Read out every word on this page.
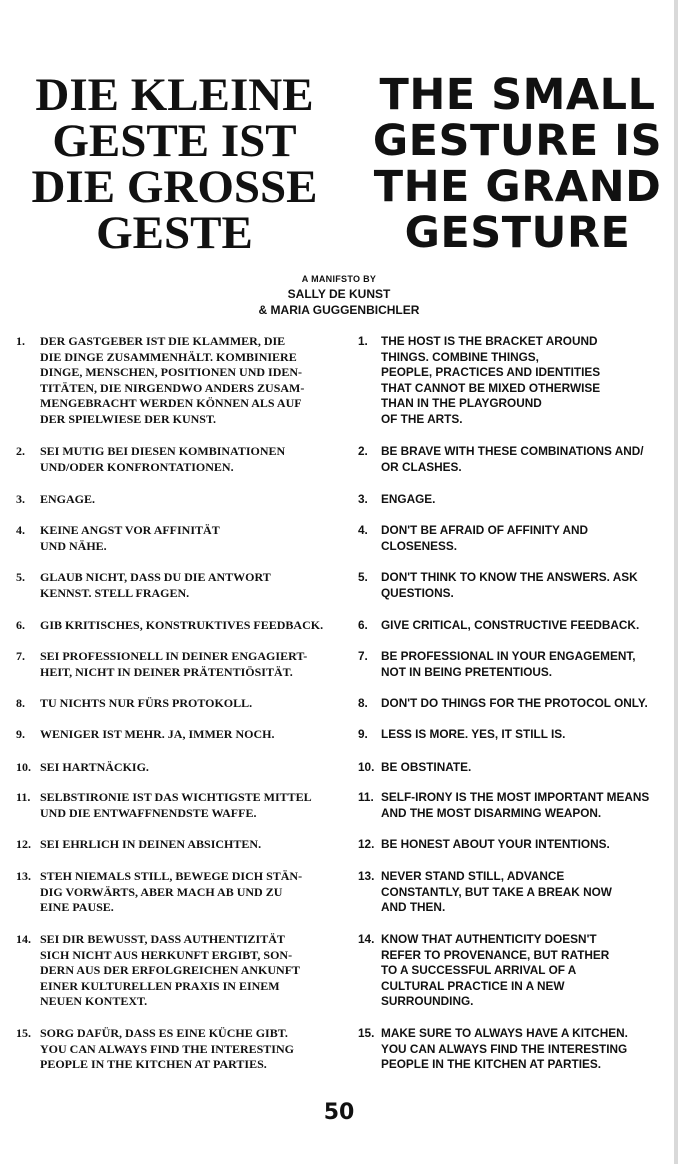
DIE KLEINE
GESTE IST
DIE GROSSE
GESTE
THE SMALL
GESTURE IS
THE GRAND
GESTURE
A MANIFSTO BY
SALLY DE KUNST
& MARIA GUGGENBICHLER
1. DER GASTGEBER IST DIE KLAMMER, DIE
DIE DINGE ZUSAMMENHÄLT. KOMBINIERE
DINGE, MENSCHEN, POSITIONEN UND IDEN-
TITÄTEN, DIE NIRGENDWO ANDERS ZUSAM-
MENGEBRACHT WERDEN KÖNNEN ALS AUF
DER SPIELWIESE DER KUNST.
2. SEI MUTIG BEI DIESEN KOMBINATIONEN
UND/ODER KONFRONTATIONEN.
3. ENGAGE.
4. KEINE ANGST VOR AFFINITÄT
UND NÄHE.
5. GLAUB NICHT, DASS DU DIE ANTWORT
KENNST. STELL FRAGEN.
6. GIB KRITISCHES, KONSTRUKTIVES FEEDBACK.
7. SEI PROFESSIONELL IN DEINER ENGAGIERT-
HEIT, NICHT IN DEINER PRÄTENTIÖSITÄT.
8. TU NICHTS NUR FÜRS PROTOKOLL.
9. WENIGER IST MEHR. JA, IMMER NOCH.
10. SEI HARTNÄCKIG.
11. SELBSTIRONIE IST DAS WICHTIGSTE MITTEL
UND DIE ENTWAFFNENDSTE WAFFE.
12. SEI EHRLICH IN DEINEN ABSICHTEN.
13. STEH NIEMALS STILL, BEWEGE DICH STÄN-
DIG VORWÄRTS, ABER MACH AB UND ZU
EINE PAUSE.
14. SEI DIR BEWUSST, DASS AUTHENTIZITÄT
SICH NICHT AUS HERKUNFT ERGIBT, SON-
DERN AUS DER ERFOLGREICHEN ANKUNFT
EINER KULTURELLEN PRAXIS IN EINEM
NEUEN KONTEXT.
15. SORG DAFÜR, DASS ES EINE KÜCHE GIBT.
YOU CAN ALWAYS FIND THE INTERESTING
PEOPLE IN THE KITCHEN AT PARTIES.
1. THE HOST IS THE BRACKET AROUND
THINGS. COMBINE THINGS,
PEOPLE, PRACTICES AND IDENTITIES
THAT CANNOT BE MIXED OTHERWISE
THAN IN THE PLAYGROUND
OF THE ARTS.
2. BE BRAVE WITH THESE COMBINATIONS AND/
OR CLASHES.
3. ENGAGE.
4. DON'T BE AFRAID OF AFFINITY AND
CLOSENESS.
5. DON'T THINK TO KNOW THE ANSWERS. ASK
QUESTIONS.
6. GIVE CRITICAL, CONSTRUCTIVE FEEDBACK.
7. BE PROFESSIONAL IN YOUR ENGAGEMENT,
NOT IN BEING PRETENTIOUS.
8. DON'T DO THINGS FOR THE PROTOCOL ONLY.
9. LESS IS MORE. YES, IT STILL IS.
10. BE OBSTINATE.
11. SELF-IRONY IS THE MOST IMPORTANT MEANS
AND THE MOST DISARMING WEAPON.
12. BE HONEST ABOUT YOUR INTENTIONS.
13. NEVER STAND STILL, ADVANCE
CONSTANTLY, BUT TAKE A BREAK NOW
AND THEN.
14. KNOW THAT AUTHENTICITY DOESN'T
REFER TO PROVENANCE, BUT RATHER
TO A SUCCESSFUL ARRIVAL OF A
CULTURAL PRACTICE IN A NEW
SURROUNDING.
15. MAKE SURE TO ALWAYS HAVE A KITCHEN.
YOU CAN ALWAYS FIND THE INTERESTING
PEOPLE IN THE KITCHEN AT PARTIES.
50
